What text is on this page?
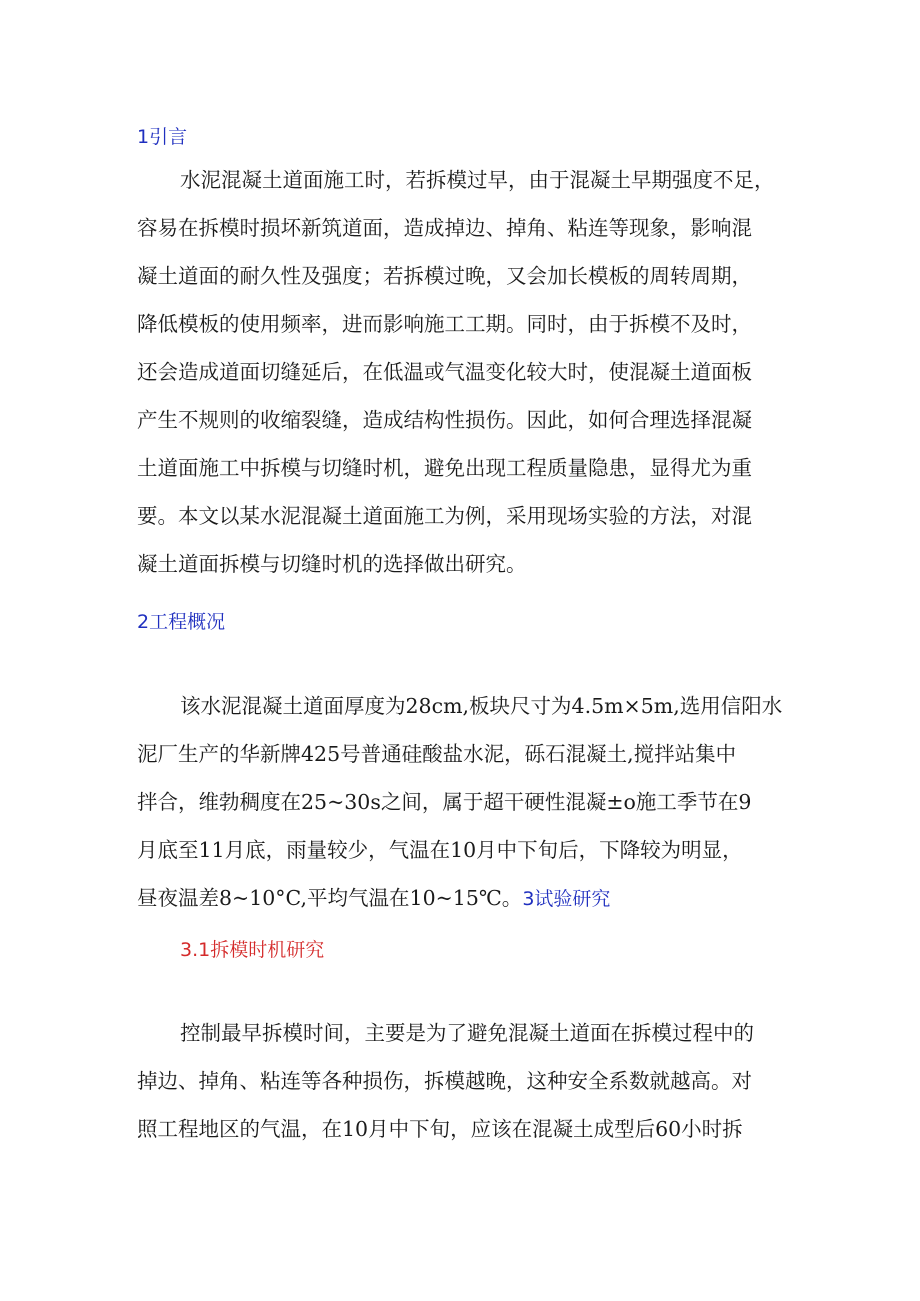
1引言
水泥混凝土道面施工时，若拆模过早，由于混凝土早期强度不足，
容易在拆模时损坏新筑道面，造成掉边、掉角、粘连等现象，影响混
凝土道面的耐久性及强度；若拆模过晚，又会加长模板的周转周期，
降低模板的使用频率，进而影响施工工期。同时，由于拆模不及时，
还会造成道面切缝延后，在低温或气温变化较大时，使混凝土道面板
产生不规则的收缩裂缝，造成结构性损伤。因此，如何合理选择混凝
土道面施工中拆模与切缝时机，避免出现工程质量隐患，显得尤为重
要。本文以某水泥混凝土道面施工为例，采用现场实验的方法，对混
凝土道面拆模与切缝时机的选择做出研究。
2工程概况
该水泥混凝土道面厚度为28cm,板块尺寸为4.5m×5m,选用信阳水
泥厂生产的华新牌425号普通硅酸盐水泥，砾石混凝土,搅拌站集中
拌合，维勃稠度在25~30s之间，属于超干硬性混凝±o施工季节在9
月底至11月底，雨量较少，气温在10月中下旬后，下降较为明显，
昼夜温差8~10°C,平均气温在10~15℃。3试验研究
3.1拆模时机研究
控制最早拆模时间，主要是为了避免混凝土道面在拆模过程中的
掉边、掉角、粘连等各种损伤，拆模越晚，这种安全系数就越高。对
照工程地区的气温，在10月中下旬，应该在混凝土成型后60小时拆
